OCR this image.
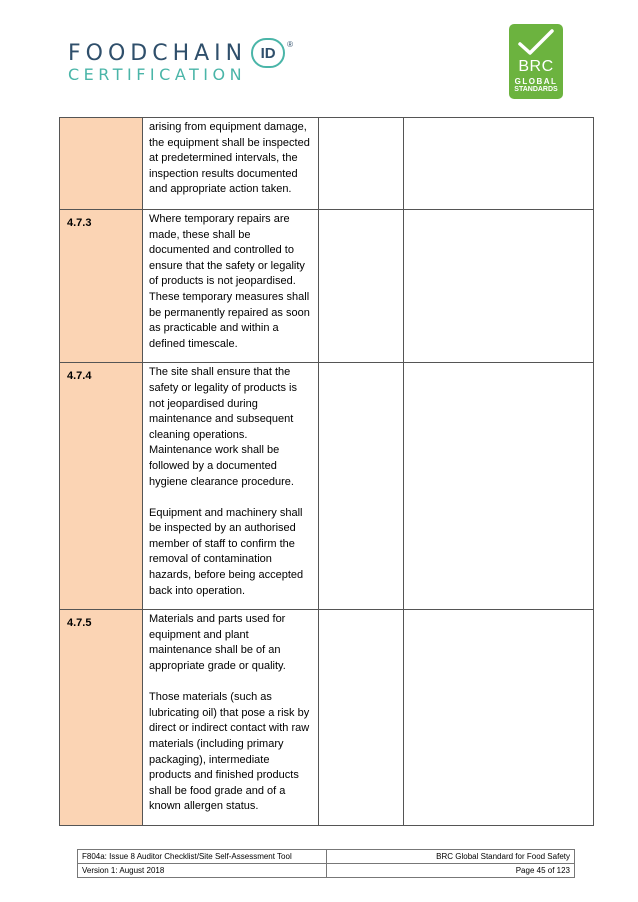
FOODCHAIN ID	®
CERTIFICATION	BRC
GLOBAL
STANDARDS

	arising from equipment damage, the equipment shall be inspected at predetermined intervals, the inspection results documented and appropriate action taken.		

4.7.3	Where temporary repairs are made, these shall be documented and controlled to ensure that the safety or legality of products is not jeopardised. These temporary measures shall be permanently repaired as soon as practicable and within a defined timescale.		

4.7.4	The site shall ensure that the safety or legality of products is not jeopardised during maintenance and subsequent cleaning operations. Maintenance work shall be followed by a documented hygiene clearance procedure.

Equipment and machinery shall be inspected by an authorised member of staff to confirm the removal of contamination hazards, before being accepted back into operation.		

4.7.5	Materials and parts used for equipment and plant maintenance shall be of an appropriate grade or quality.

Those materials (such as lubricating oil) that pose a risk by direct or indirect contact with raw materials (including primary packaging), intermediate products and finished products shall be food grade and of a known allergen status.		

F804a: Issue 8 Auditor Checklist/Site Self-Assessment Tool	BRC Global Standard for Food Safety
Version 1: August 2018	Page 45 of 123
